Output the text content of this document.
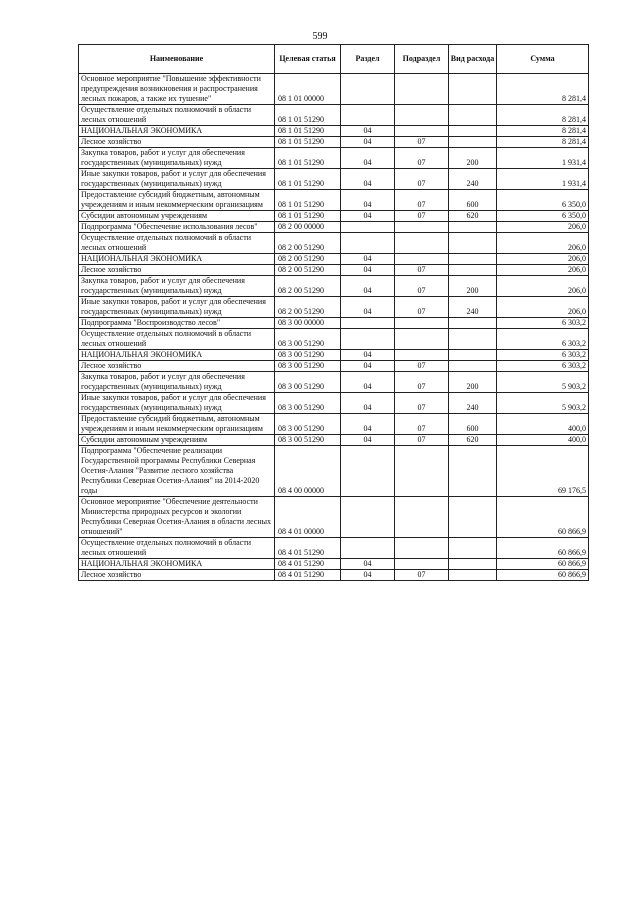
599
Наименование	Целевая статья	Раздел	Подраздел	Вид расхода	Сумма
Основное мероприятие "Повышение эффективности предупреждения возникновения и распространения лесных пожаров, а также их тушение"	08 1 01 00000				8 281,4
Осуществление отдельных полномочий в области лесных отношений	08 1 01 51290				8 281,4
НАЦИОНАЛЬНАЯ ЭКОНОМИКА	08 1 01 51290	04			8 281,4
Лесное хозяйство	08 1 01 51290	04	07		8 281,4
Закупка товаров, работ и услуг для обеспечения государственных (муниципальных) нужд	08 1 01 51290	04	07	200	1 931,4
Иные закупки товаров, работ и услуг для обеспечения государственных (муниципальных) нужд	08 1 01 51290	04	07	240	1 931,4
Предоставление субсидий бюджетным, автономным учреждениям и иным некоммерческим организациям	08 1 01 51290	04	07	600	6 350,0
Субсидии автономным учреждениям	08 1 01 51290	04	07	620	6 350,0
Подпрограмма "Обеспечение использования лесов"	08 2 00 00000				206,0
Осуществление отдельных полномочий в области лесных отношений	08 2 00 51290				206,0
НАЦИОНАЛЬНАЯ ЭКОНОМИКА	08 2 00 51290	04			206,0
Лесное хозяйство	08 2 00 51290	04	07		206,0
Закупка товаров, работ и услуг для обеспечения государственных (муниципальных) нужд	08 2 00 51290	04	07	200	206,0
Иные закупки товаров, работ и услуг для обеспечения государственных (муниципальных) нужд	08 2 00 51290	04	07	240	206,0
Подпрограмма "Воспроизводство лесов"	08 3 00 00000				6 303,2
Осуществление отдельных полномочий в области лесных отношений	08 3 00 51290				6 303,2
НАЦИОНАЛЬНАЯ ЭКОНОМИКА	08 3 00 51290	04			6 303,2
Лесное хозяйство	08 3 00 51290	04	07		6 303,2
Закупка товаров, работ и услуг для обеспечения государственных (муниципальных) нужд	08 3 00 51290	04	07	200	5 903,2
Иные закупки товаров, работ и услуг для обеспечения государственных (муниципальных) нужд	08 3 00 51290	04	07	240	5 903,2
Предоставление субсидий бюджетным, автономным учреждениям и иным некоммерческим организациям	08 3 00 51290	04	07	600	400,0
Субсидии автономным учреждениям	08 3 00 51290	04	07	620	400,0
Подпрограмма "Обеспечение реализации Государственной программы Республики Северная Осетия-Алания "Развитие лесного хозяйства Республики Северная Осетия-Алания" на 2014-2020 годы	08 4 00 00000				69 176,5
Основное мероприятие "Обеспечение деятельности Министерства природных ресурсов и экологии Республики Северная Осетия-Алания в области лесных отношений"	08 4 01 00000				60 866,9
Осуществление отдельных полномочий в области лесных отношений	08 4 01 51290				60 866,9
НАЦИОНАЛЬНАЯ ЭКОНОМИКА	08 4 01 51290	04			60 866,9
Лесное хозяйство	08 4 01 51290	04	07		60 866,9
